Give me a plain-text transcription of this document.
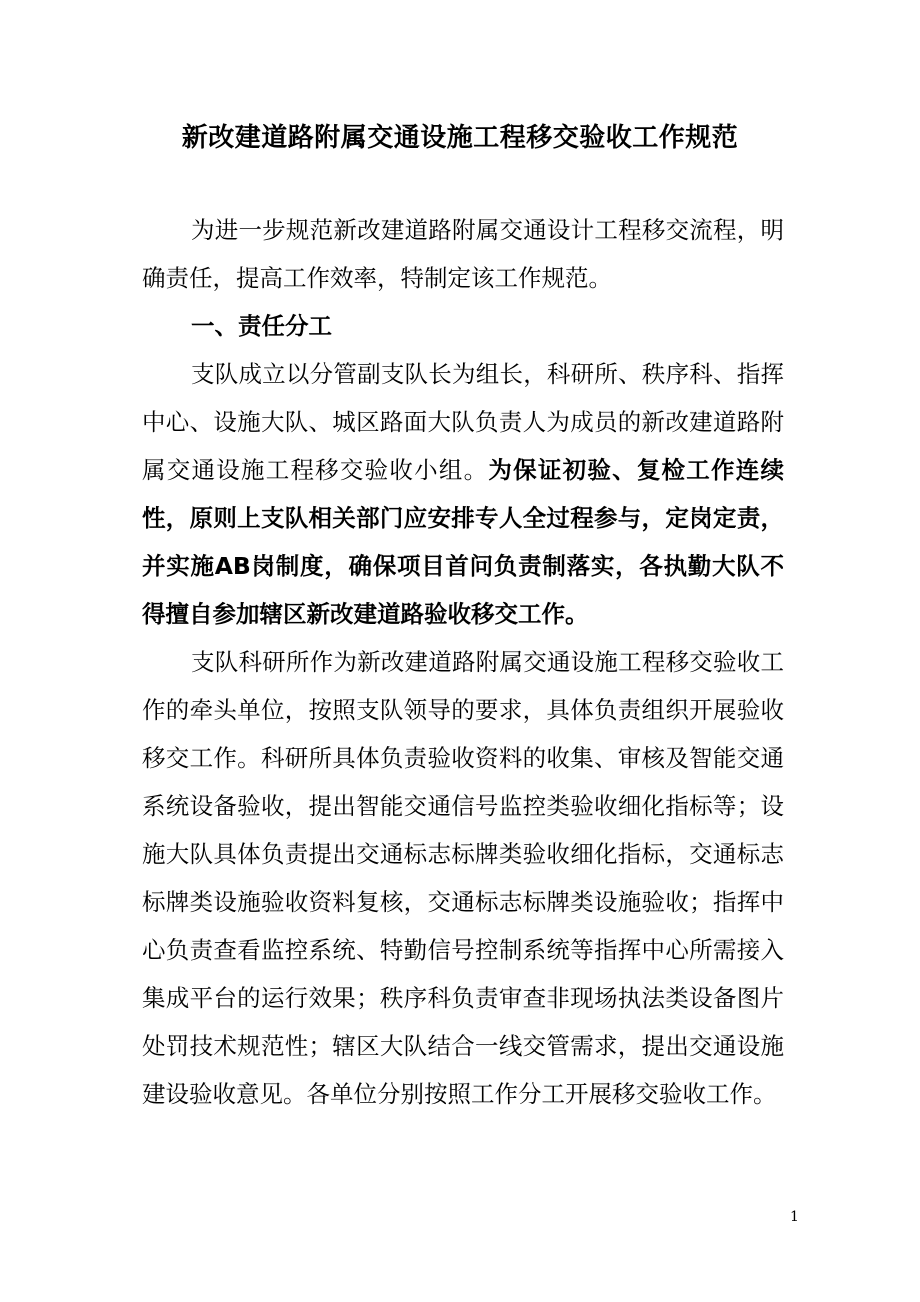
新改建道路附属交通设施工程移交验收工作规范

为进一步规范新改建道路附属交通设计工程移交流程，明确责任，提高工作效率，特制定该工作规范。

一、责任分工

支队成立以分管副支队长为组长，科研所、秩序科、指挥中心、设施大队、城区路面大队负责人为成员的新改建道路附属交通设施工程移交验收小组。为保证初验、复检工作连续性，原则上支队相关部门应安排专人全过程参与，定岗定责，并实施AB岗制度，确保项目首问负责制落实，各执勤大队不得擅自参加辖区新改建道路验收移交工作。

支队科研所作为新改建道路附属交通设施工程移交验收工作的牵头单位，按照支队领导的要求，具体负责组织开展验收移交工作。科研所具体负责验收资料的收集、审核及智能交通系统设备验收，提出智能交通信号监控类验收细化指标等；设施大队具体负责提出交通标志标牌类验收细化指标，交通标志标牌类设施验收资料复核，交通标志标牌类设施验收；指挥中心负责查看监控系统、特勤信号控制系统等指挥中心所需接入集成平台的运行效果；秩序科负责审查非现场执法类设备图片处罚技术规范性；辖区大队结合一线交管需求，提出交通设施建设验收意见。各单位分别按照工作分工开展移交验收工作。

1
